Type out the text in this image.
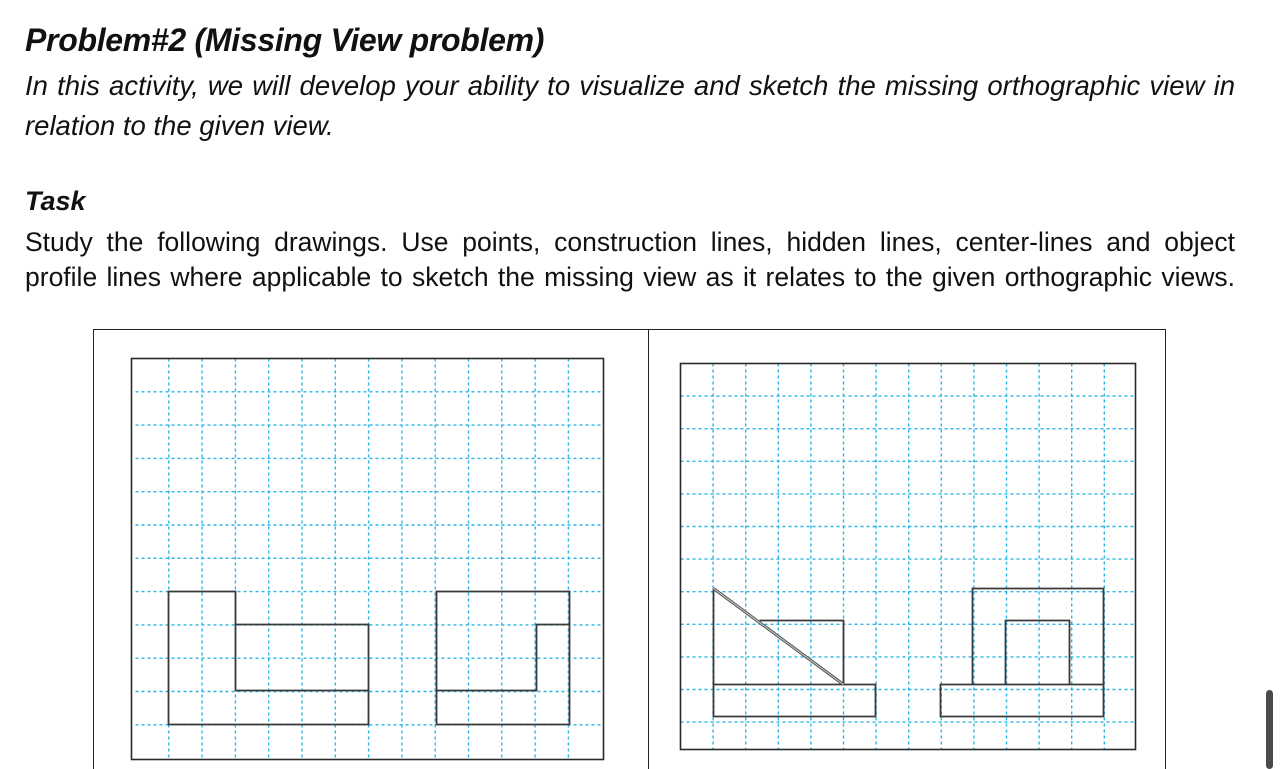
Problem#2 (Missing View problem)
In this activity, we will develop your ability to visualize and sketch the missing orthographic view in relation to the given view.
Task
Study the following drawings. Use points, construction lines, hidden lines, center-lines and object profile lines where applicable to sketch the missing view as it relates to the given orthographic views.
